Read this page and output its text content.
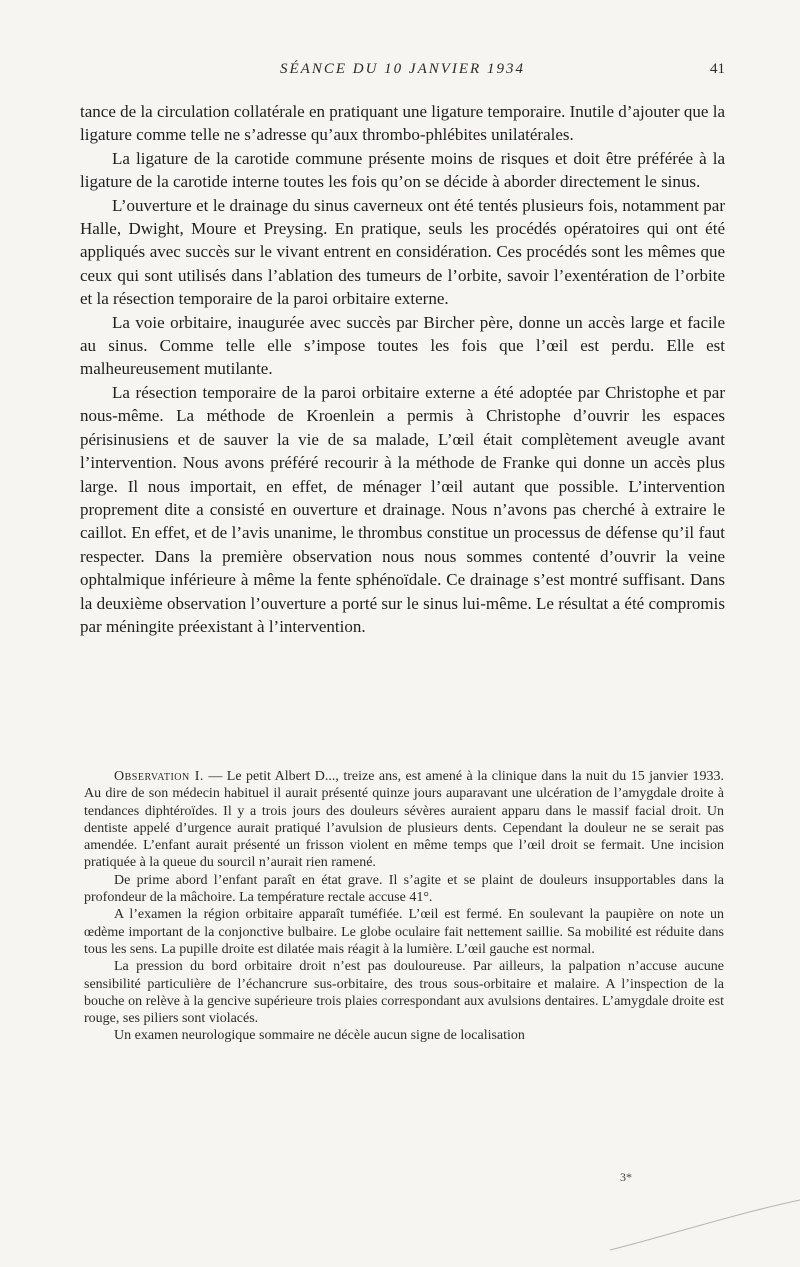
SÉANCE DU 10 JANVIER 1934	41

tance de la circulation collatérale en pratiquant une ligature temporaire. Inutile d’ajouter que la ligature comme telle ne s’adresse qu’aux thrombo-phlébites unilatérales.

La ligature de la carotide commune présente moins de risques et doit être préférée à la ligature de la carotide interne toutes les fois qu’on se décide à aborder directement le sinus.

L’ouverture et le drainage du sinus caverneux ont été tentés plusieurs fois, notamment par Halle, Dwight, Moure et Preysing. En pratique, seuls les procédés opératoires qui ont été appliqués avec succès sur le vivant entrent en considération. Ces procédés sont les mêmes que ceux qui sont utilisés dans l’ablation des tumeurs de l’orbite, savoir l’exentération de l’orbite et la résection temporaire de la paroi orbitaire externe.

La voie orbitaire, inaugurée avec succès par Bircher père, donne un accès large et facile au sinus. Comme telle elle s’impose toutes les fois que l’œil est perdu. Elle est malheureusement mutilante.

La résection temporaire de la paroi orbitaire externe a été adoptée par Christophe et par nous-même. La méthode de Kroenlein a permis à Christophe d’ouvrir les espaces périsinusiens et de sauver la vie de sa malade, L’œil était complètement aveugle avant l’intervention. Nous avons préféré recourir à la méthode de Franke qui donne un accès plus large. Il nous importait, en effet, de ménager l’œil autant que possible. L’intervention proprement dite a consisté en ouverture et drainage. Nous n’avons pas cherché à extraire le caillot. En effet, et de l’avis unanime, le thrombus constitue un processus de défense qu’il faut respecter. Dans la première observation nous nous sommes contenté d’ouvrir la veine ophtalmique inférieure à même la fente sphénoïdale. Ce drainage s’est montré suffisant. Dans la deuxième observation l’ouverture a porté sur le sinus lui-même. Le résultat a été compromis par méningite préexistant à l’intervention.

Observation I. — Le petit Albert D..., treize ans, est amené à la clinique dans la nuit du 15 janvier 1933. Au dire de son médecin habituel il aurait présenté quinze jours auparavant une ulcération de l’amygdale droite à tendances diphtéroïdes. Il y a trois jours des douleurs sévères auraient apparu dans le massif facial droit. Un dentiste appelé d’urgence aurait pratiqué l’avulsion de plusieurs dents. Cependant la douleur ne se serait pas amendée. L’enfant aurait présenté un frisson violent en même temps que l’œil droit se fermait. Une incision pratiquée à la queue du sourcil n’aurait rien ramené.

De prime abord l’enfant paraît en état grave. Il s’agite et se plaint de douleurs insupportables dans la profondeur de la mâchoire. La température rectale accuse 41°.

A l’examen la région orbitaire apparaît tuméfiée. L’œil est fermé. En soulevant la paupière on note un œdème important de la conjonctive bulbaire. Le globe oculaire fait nettement saillie. Sa mobilité est réduite dans tous les sens. La pupille droite est dilatée mais réagit à la lumière. L’œil gauche est normal.

La pression du bord orbitaire droit n’est pas douloureuse. Par ailleurs, la palpation n’accuse aucune sensibilité particulière de l’échancrure sus-orbitaire, des trous sous-orbitaire et malaire. A l’inspection de la bouche on relève à la gencive supérieure trois plaies correspondant aux avulsions dentaires. L’amygdale droite est rouge, ses piliers sont violacés.

Un examen neurologique sommaire ne décèle aucun signe de localisation

3*
